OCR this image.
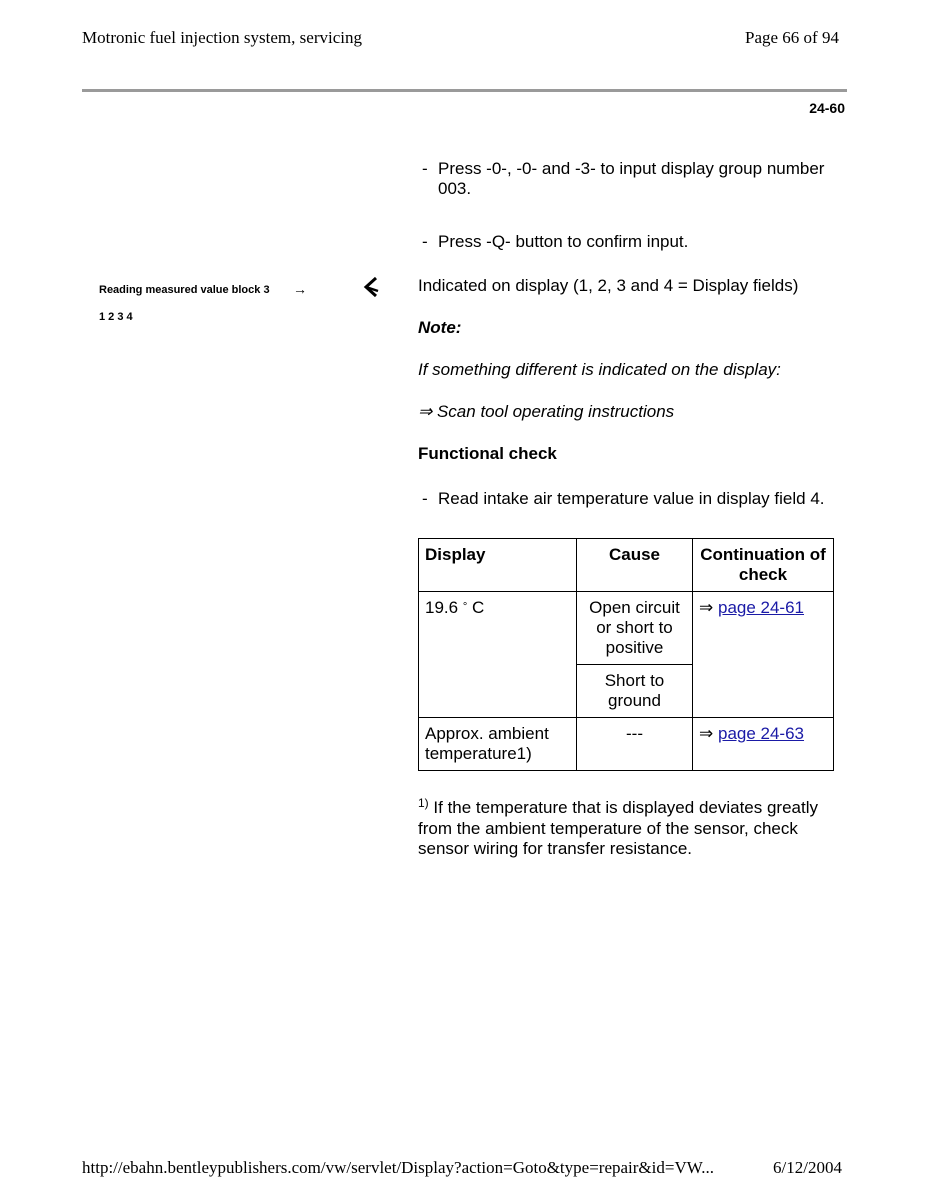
Motronic fuel injection system, servicing	Page 66 of 94
24-60
Reading measured value block 3 →
1 2 3 4
- Press -0-, -0- and -3- to input display group number 003.
- Press -Q- button to confirm input.
Indicated on display (1, 2, 3 and 4 = Display fields)
Note:
If something different is indicated on the display:
⇒ Scan tool operating instructions
Functional check
- Read intake air temperature value in display field 4.
Display	Cause	Continuation of check
19.6 ° C	Open circuit or short to positive	⇒ page 24-61
	Short to ground	
Approx. ambient temperature1)	---	⇒ page 24-63
$^{1)}$ If the temperature that is displayed deviates greatly from the ambient temperature of the sensor, check sensor wiring for transfer resistance.
http://ebahn.bentleypublishers.com/vw/servlet/Display?action=Goto&type=repair&id=VW...	6/12/2004
